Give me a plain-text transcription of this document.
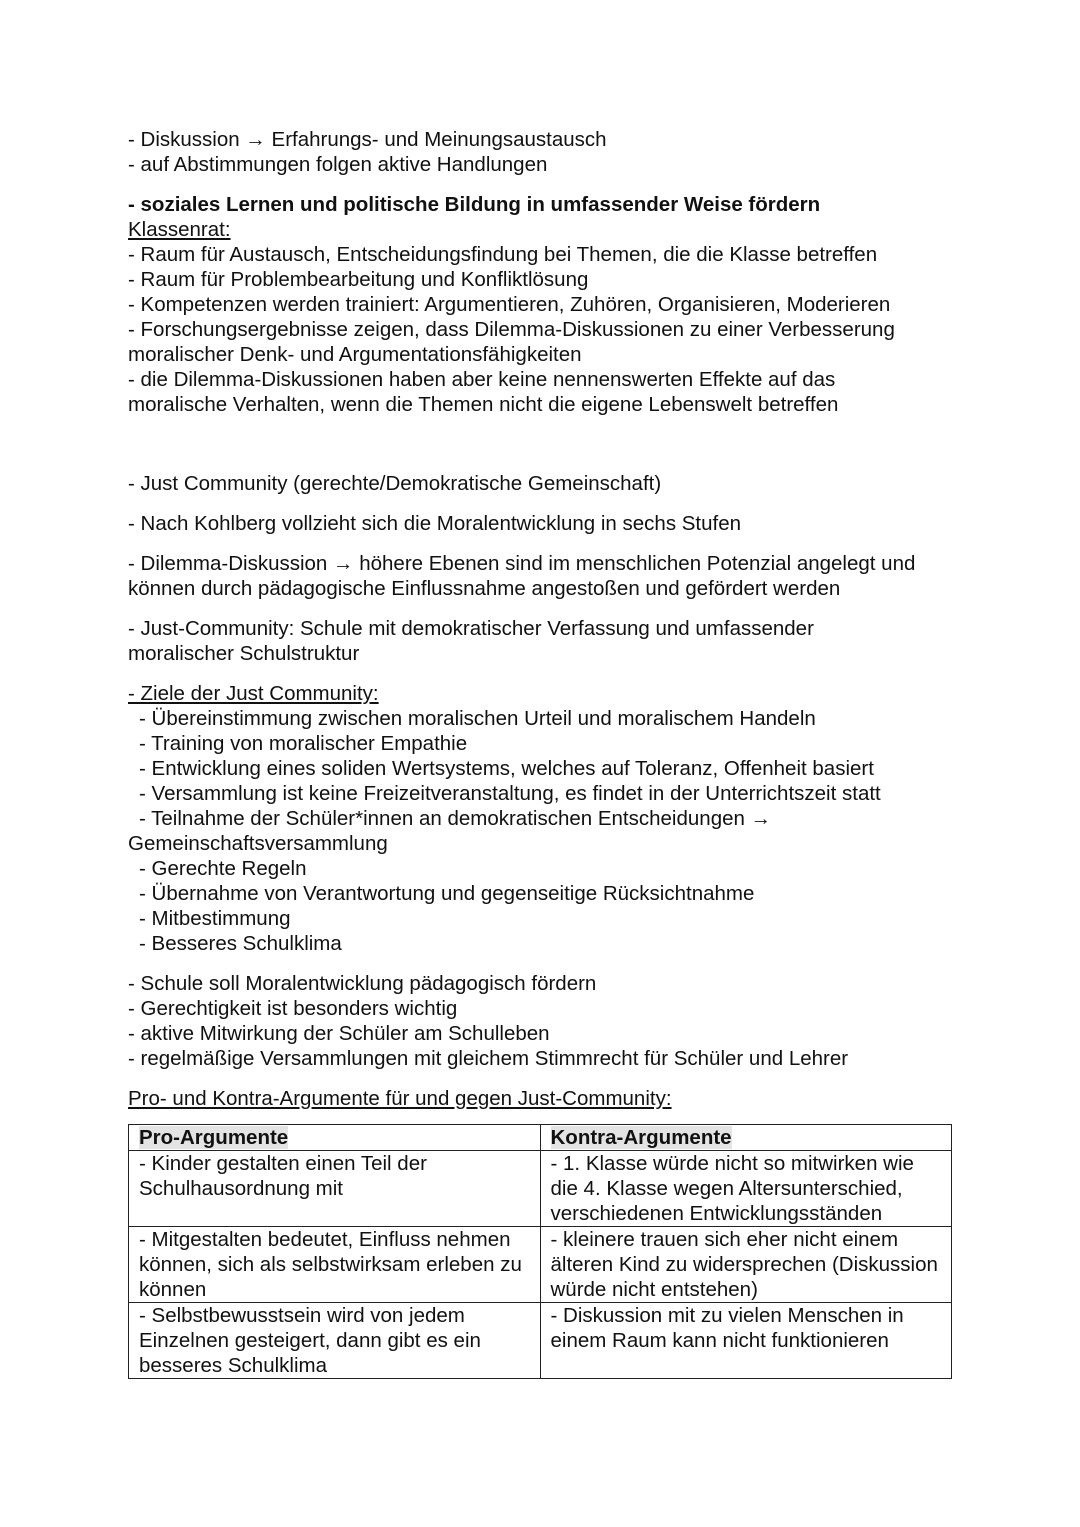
- Diskussion → Erfahrungs- und Meinungsaustausch
- auf Abstimmungen folgen aktive Handlungen
- soziales Lernen und politische Bildung in umfassender Weise fördern
Klassenrat:
- Raum für Austausch, Entscheidungsfindung bei Themen, die die Klasse betreffen
- Raum für Problembearbeitung und Konfliktlösung
- Kompetenzen werden trainiert: Argumentieren, Zuhören, Organisieren, Moderieren
- Forschungsergebnisse zeigen, dass Dilemma-Diskussionen zu einer Verbesserung moralischer Denk- und Argumentationsfähigkeiten
- die Dilemma-Diskussionen haben aber keine nennenswerten Effekte auf das moralische Verhalten, wenn die Themen nicht die eigene Lebenswelt betreffen
- Just Community (gerechte/Demokratische Gemeinschaft)
- Nach Kohlberg vollzieht sich die Moralentwicklung in sechs Stufen
- Dilemma-Diskussion → höhere Ebenen sind im menschlichen Potenzial angelegt und können durch pädagogische Einflussnahme angestoßen und gefördert werden
- Just-Community: Schule mit demokratischer Verfassung und umfassender moralischer Schulstruktur
- Ziele der Just Community:
- Übereinstimmung zwischen moralischen Urteil und moralischem Handeln
- Training von moralischer Empathie
- Entwicklung eines soliden Wertsystems, welches auf Toleranz, Offenheit basiert
- Versammlung ist keine Freizeitveranstaltung, es findet in der Unterrichtszeit statt
- Teilnahme der Schüler*innen an demokratischen Entscheidungen →
Gemeinschaftsversammlung
- Gerechte Regeln
- Übernahme von Verantwortung und gegenseitige Rücksichtnahme
- Mitbestimmung
- Besseres Schulklima
- Schule soll Moralentwicklung pädagogisch fördern
- Gerechtigkeit ist besonders wichtig
- aktive Mitwirkung der Schüler am Schulleben
- regelmäßige Versammlungen mit gleichem Stimmrecht für Schüler und Lehrer
Pro- und Kontra-Argumente für und gegen Just-Community:
Pro-Argumente	Kontra-Argumente
- Kinder gestalten einen Teil der Schulhausordnung mit	- 1. Klasse würde nicht so mitwirken wie die 4. Klasse wegen Altersunterschied, verschiedenen Entwicklungsständen
- Mitgestalten bedeutet, Einfluss nehmen können, sich als selbstwirksam erleben zu können	- kleinere trauen sich eher nicht einem älteren Kind zu widersprechen (Diskussion würde nicht entstehen)
- Selbstbewusstsein wird von jedem Einzelnen gesteigert, dann gibt es ein besseres Schulklima	- Diskussion mit zu vielen Menschen in einem Raum kann nicht funktionieren
